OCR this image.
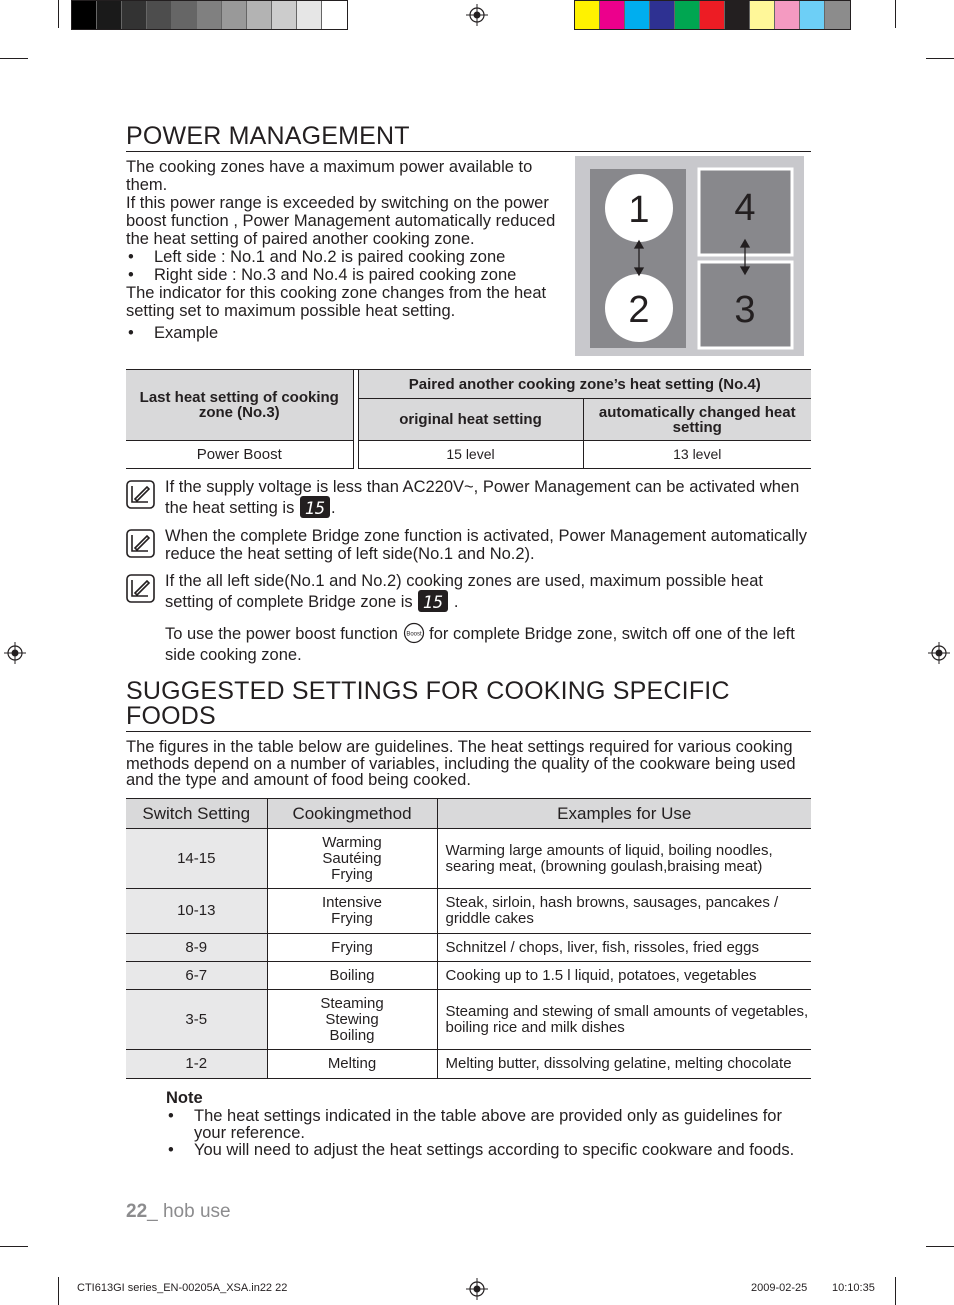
POWER MANAGEMENT

The cooking zones have a maximum power available to them.

If this power range is exceeded by switching on the power boost function , Power Management automatically reduced the heat setting of paired another cooking zone.

• Left side : No.1 and No.2 is paired cooking zone

• Right side : No.3 and No.4 is paired cooking zone

The indicator for this cooking zone changes from the heat setting set to maximum possible heat setting.

• Example

1
2
4
3
Last heat setting of cooking zone (No.3)		Paired another cooking zone’s heat setting (No.4)	
		original heat setting	automatically changed heat setting
Power Boost		15 level	13 level
If the supply voltage is less than AC220V~, Power Management can be activated when the heat setting is 15 .
When the complete Bridge zone function is activated, Power Management automatically reduce the heat setting of left side(No.1 and No.2).
If the all left side(No.1 and No.2) cooking zones are used, maximum possible heat setting of complete Bridge zone is 15 .
To use the power boost function Boost for complete Bridge zone, switch off one of the left side cooking zone.
SUGGESTED SETTINGS FOR COOKING SPECIFIC
FOODS

The figures in the table below are guidelines. The heat settings required for various cooking methods depend on a number of variables, including the quality of the cookware being used and the type and amount of food being cooked.

Switch Setting	Cookingmethod	Examples for Use
14-15	Warming
Sautéing
Frying	Warming large amounts of liquid, boiling noodles, searing meat, (browning goulash,braising meat)
10-13	Intensive
Frying	Steak, sirloin, hash browns, sausages, pancakes / griddle cakes
8-9	Frying	Schnitzel / chops, liver, fish, rissoles, fried eggs
6-7	Boiling	Cooking up to 1.5 l liquid, potatoes, vegetables
3-5	Steaming
Stewing
Boiling	Steaming and stewing of small amounts of vegetables, boiling rice and milk dishes
1-2	Melting	Melting butter, dissolving gelatine, melting chocolate

Note

• The heat settings indicated in the table above are provided only as guidelines for your reference.

• You will need to adjust the heat settings according to specific cookware and foods.

22_ hob use
CTI613GI series_EN-00205A_XSA.in22 22	2009-02-25 10:10:35
